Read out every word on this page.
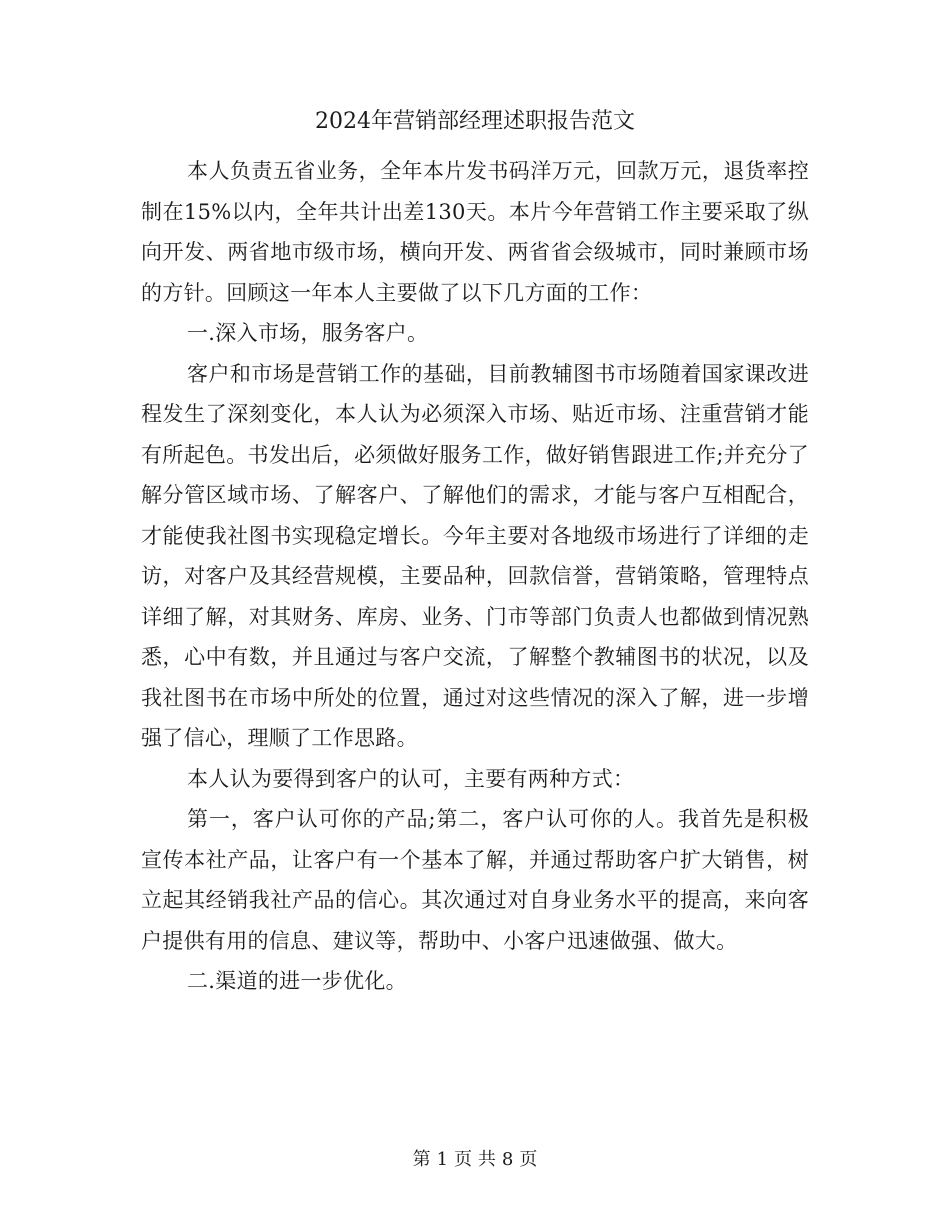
2024年营销部经理述职报告范文

本人负责五省业务，全年本片发书码洋万元，回款万元，退货率控制在15%以内，全年共计出差130天。本片今年营销工作主要采取了纵向开发、两省地市级市场，横向开发、两省省会级城市，同时兼顾市场的方针。回顾这一年本人主要做了以下几方面的工作：

一.深入市场，服务客户。

客户和市场是营销工作的基础，目前教辅图书市场随着国家课改进程发生了深刻变化，本人认为必须深入市场、贴近市场、注重营销才能有所起色。书发出后，必须做好服务工作，做好销售跟进工作;并充分了解分管区域市场、了解客户、了解他们的需求，才能与客户互相配合，才能使我社图书实现稳定增长。今年主要对各地级市场进行了详细的走访，对客户及其经营规模，主要品种，回款信誉，营销策略，管理特点详细了解，对其财务、库房、业务、门市等部门负责人也都做到情况熟悉，心中有数，并且通过与客户交流，了解整个教辅图书的状况，以及我社图书在市场中所处的位置，通过对这些情况的深入了解，进一步增强了信心，理顺了工作思路。

本人认为要得到客户的认可，主要有两种方式：

第一，客户认可你的产品;第二，客户认可你的人。我首先是积极宣传本社产品，让客户有一个基本了解，并通过帮助客户扩大销售，树立起其经销我社产品的信心。其次通过对自身业务水平的提高，来向客户提供有用的信息、建议等，帮助中、小客户迅速做强、做大。

二.渠道的进一步优化。

第 1 页 共 8 页
